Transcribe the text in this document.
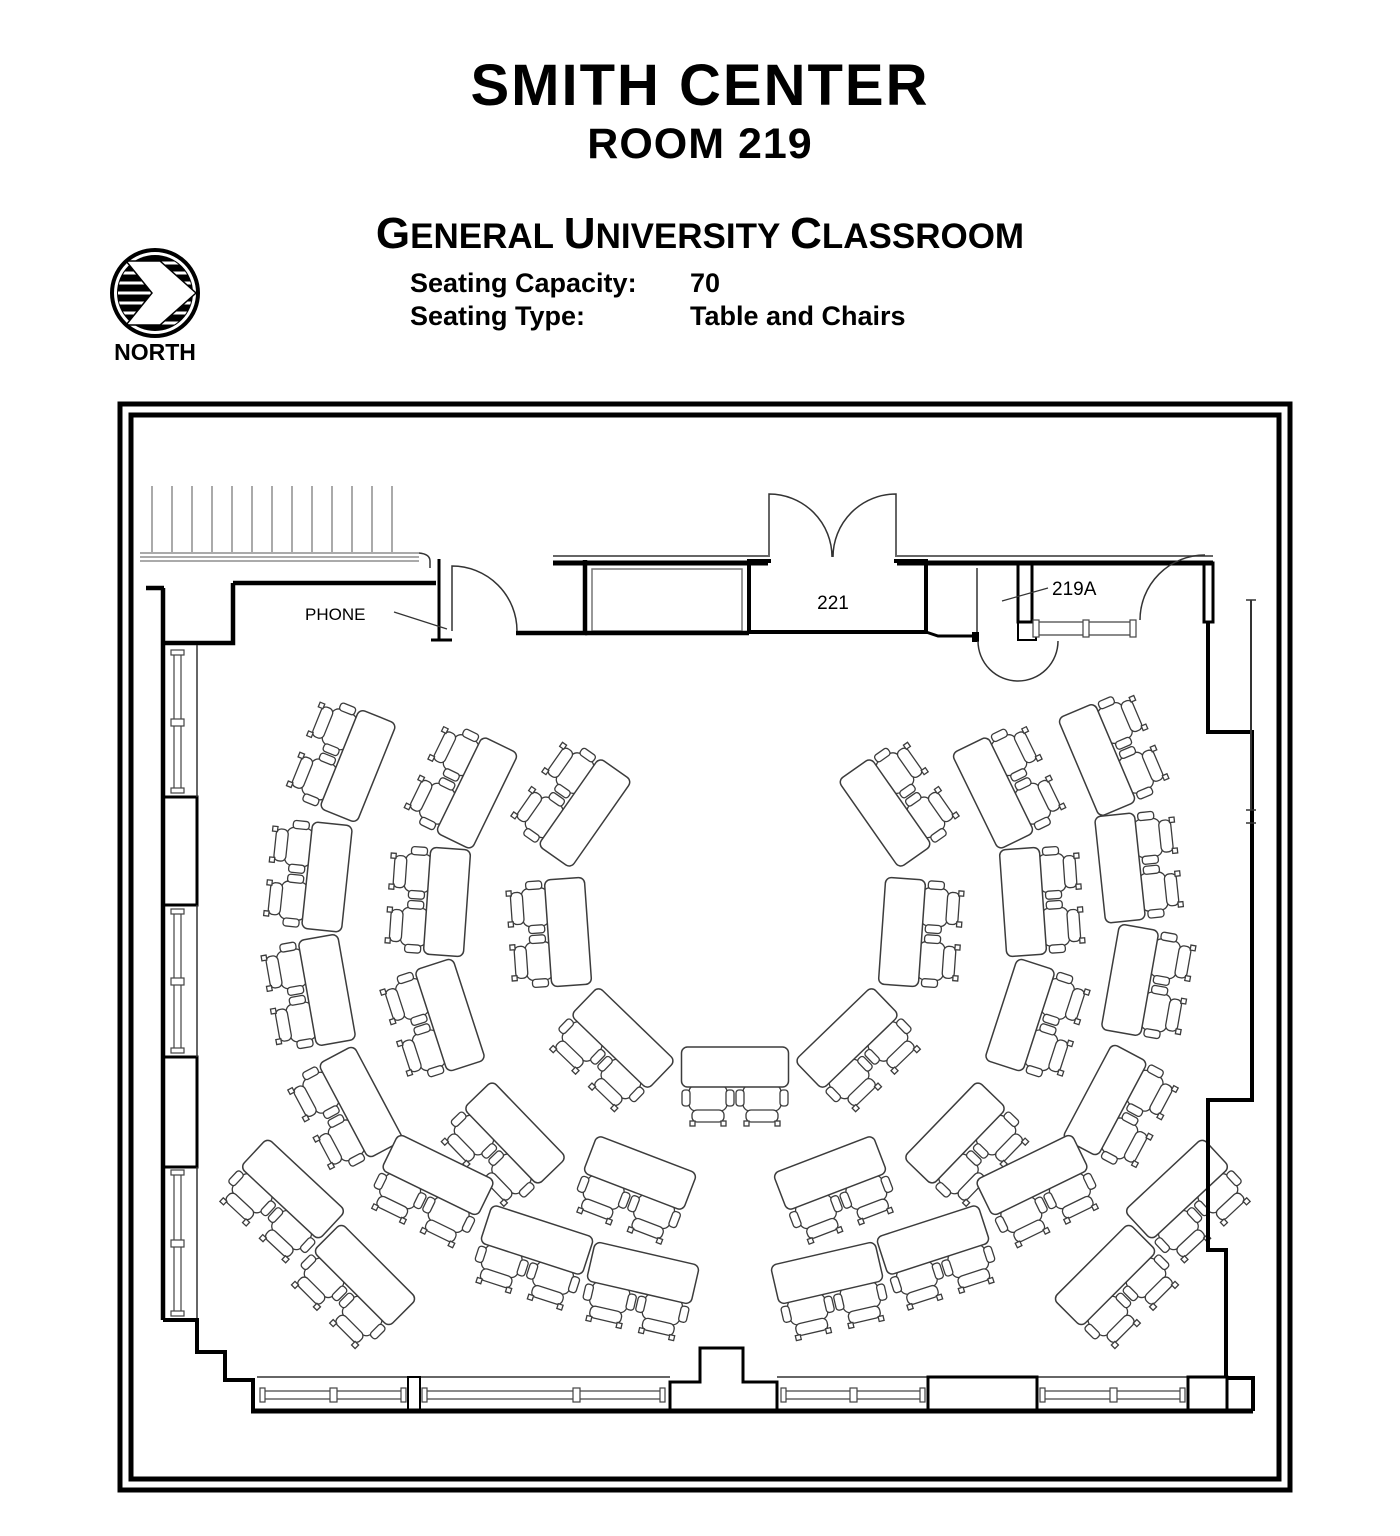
SMITH CENTER
ROOM 219
GENERAL UNIVERSITY CLASSROOM
Seating Capacity: 70
Seating Type:	Table and Chairs
NORTH
PHONE
221
219A
